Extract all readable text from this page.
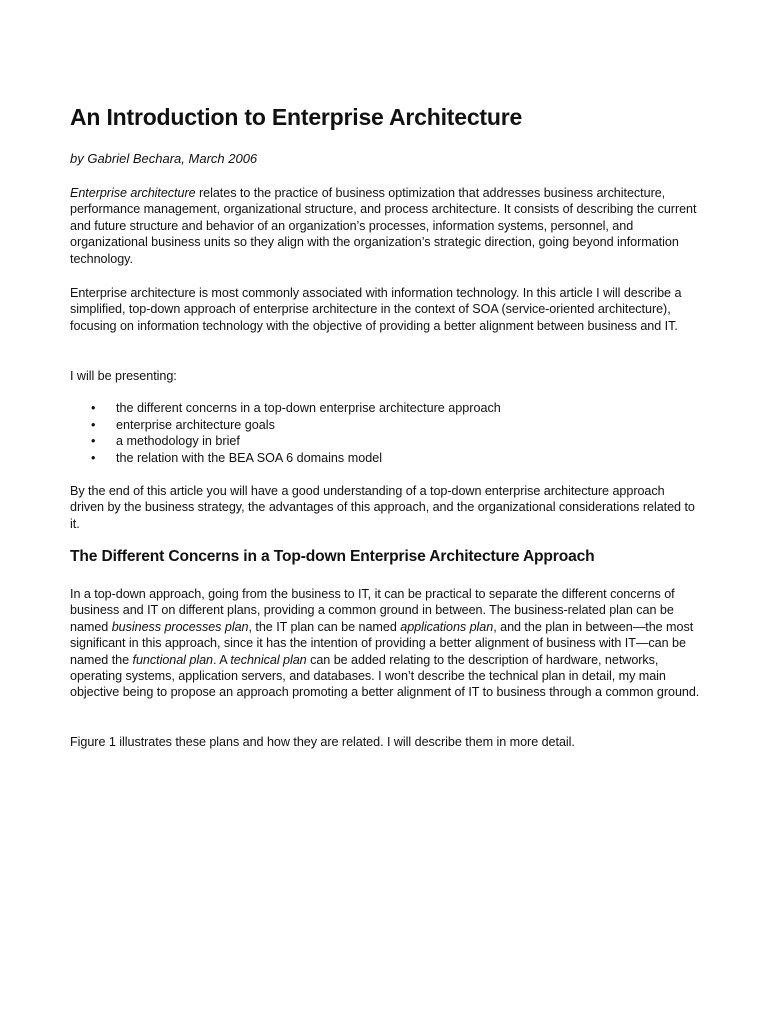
An Introduction to Enterprise Architecture

by Gabriel Bechara, March 2006

Enterprise architecture relates to the practice of business optimization that addresses business architecture, performance management, organizational structure, and process architecture. It consists of describing the current and future structure and behavior of an organization’s processes, information systems, personnel, and organizational business units so they align with the organization’s strategic direction, going beyond information technology.

Enterprise architecture is most commonly associated with information technology. In this article I will describe a simplified, top-down approach of enterprise architecture in the context of SOA (service-oriented architecture), focusing on information technology with the objective of providing a better alignment between business and IT.

I will be presenting:

• the different concerns in a top-down enterprise architecture approach
• enterprise architecture goals
• a methodology in brief
• the relation with the BEA SOA 6 domains model

By the end of this article you will have a good understanding of a top-down enterprise architecture approach driven by the business strategy, the advantages of this approach, and the organizational considerations related to it.

The Different Concerns in a Top-down Enterprise Architecture Approach

In a top-down approach, going from the business to IT, it can be practical to separate the different concerns of business and IT on different plans, providing a common ground in between. The business-related plan can be named business processes plan, the IT plan can be named applications plan, and the plan in between—the most significant in this approach, since it has the intention of providing a better alignment of business with IT—can be named the functional plan. A technical plan can be added relating to the description of hardware, networks, operating systems, application servers, and databases. I won’t describe the technical plan in detail, my main objective being to propose an approach promoting a better alignment of IT to business through a common ground.

Figure 1 illustrates these plans and how they are related. I will describe them in more detail.
